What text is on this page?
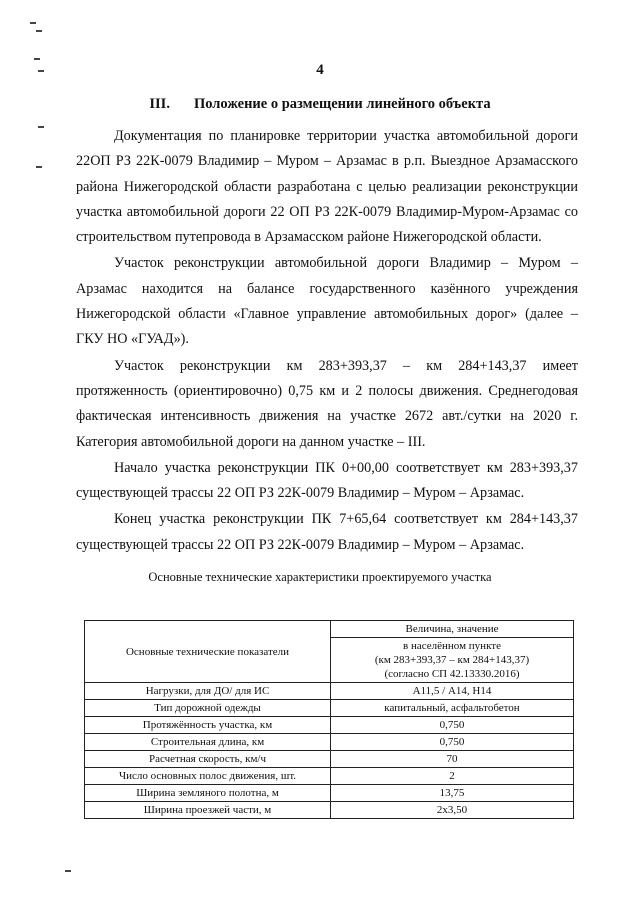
4
III. Положение о размещении линейного объекта

Документация по планировке территории участка автомобильной дороги 22ОП РЗ 22К-0079 Владимир – Муром – Арзамас в р.п. Выездное Арзамасского района Нижегородской области разработана с целью реализации реконструкции участка автомобильной дороги 22 ОП РЗ 22К-0079 Владимир-Муром-Арзамас со строительством путепровода в Арзамасском районе Нижегородской области.

Участок реконструкции автомобильной дороги Владимир – Муром – Арзамас находится на балансе государственного казённого учреждения Нижегородской области «Главное управление автомобильных дорог» (далее – ГКУ НО «ГУАД»).

Участок реконструкции км 283+393,37 – км 284+143,37 имеет протяженность (ориентировочно) 0,75 км и 2 полосы движения. Среднегодовая фактическая интенсивность движения на участке 2672 авт./сутки на 2020 г. Категория автомобильной дороги на данном участке – III.

Начало участка реконструкции ПК 0+00,00 соответствует км 283+393,37 существующей трассы 22 ОП РЗ 22К-0079 Владимир – Муром – Арзамас.

Конец участка реконструкции ПК 7+65,64 соответствует км 284+143,37 существующей трассы 22 ОП РЗ 22К-0079 Владимир – Муром – Арзамас.

Основные технические характеристики проектируемого участка
Основные технические показатели	Величина, значение

	в населённом пункте
(км 283+393,37 – км 284+143,37)
(согласно СП 42.13330.2016)

Нагрузки, для ДО/ для ИС	А11,5 / А14, Н14
Тип дорожной одежды	капитальный, асфальтобетон
Протяжённость участка, км	0,750
Строительная длина, км	0,750
Расчетная скорость, км/ч	70
Число основных полос движения, шт.	2
Ширина земляного полотна, м	13,75
Ширина проезжей части, м	2х3,50
